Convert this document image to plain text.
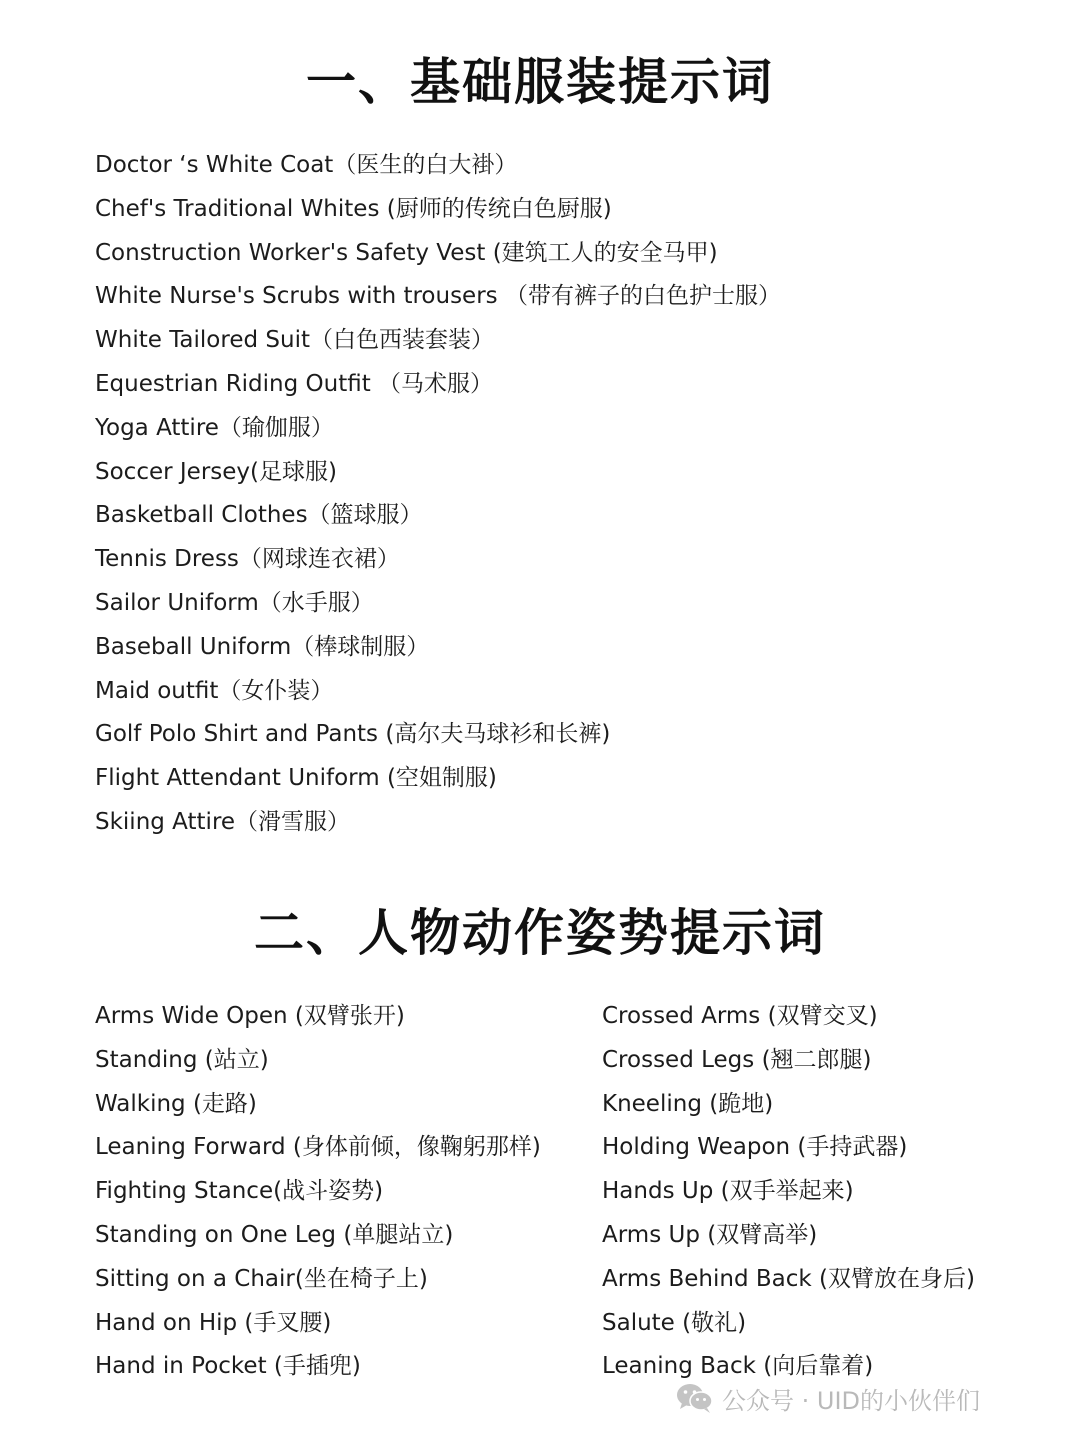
一、基础服装提示词
Doctor ‘s White Coat（医生的白大褂）
Chef's Traditional Whites (厨师的传统白色厨服)
Construction Worker's Safety Vest (建筑工人的安全马甲)
White Nurse's Scrubs with trousers （带有裤子的白色护士服）
White Tailored Suit（白色西装套装）
Equestrian Riding Outfit （马术服）
Yoga Attire（瑜伽服）
Soccer Jersey(足球服)
Basketball Clothes（篮球服）
Tennis Dress（网球连衣裙）
Sailor Uniform（水手服）
Baseball Uniform（棒球制服）
Maid outfit（女仆装）
Golf Polo Shirt and Pants (高尔夫马球衫和长裤)
Flight Attendant Uniform (空姐制服)
Skiing Attire（滑雪服）
二、人物动作姿势提示词
Arms Wide Open (双臂张开)
Standing (站立)
Walking (走路)
Leaning Forward (身体前倾，像鞠躬那样)
Fighting Stance(战斗姿势)
Standing on One Leg (单腿站立)
Sitting on a Chair(坐在椅子上)
Hand on Hip (手叉腰)
Hand in Pocket (手插兜)
Crossed Arms (双臂交叉)
Crossed Legs (翘二郎腿)
Kneeling (跪地)
Holding Weapon (手持武器)
Hands Up (双手举起来)
Arms Up (双臂高举)
Arms Behind Back (双臂放在身后)
Salute (敬礼)
Leaning Back (向后靠着)
公众号 · UID的小伙伴们
